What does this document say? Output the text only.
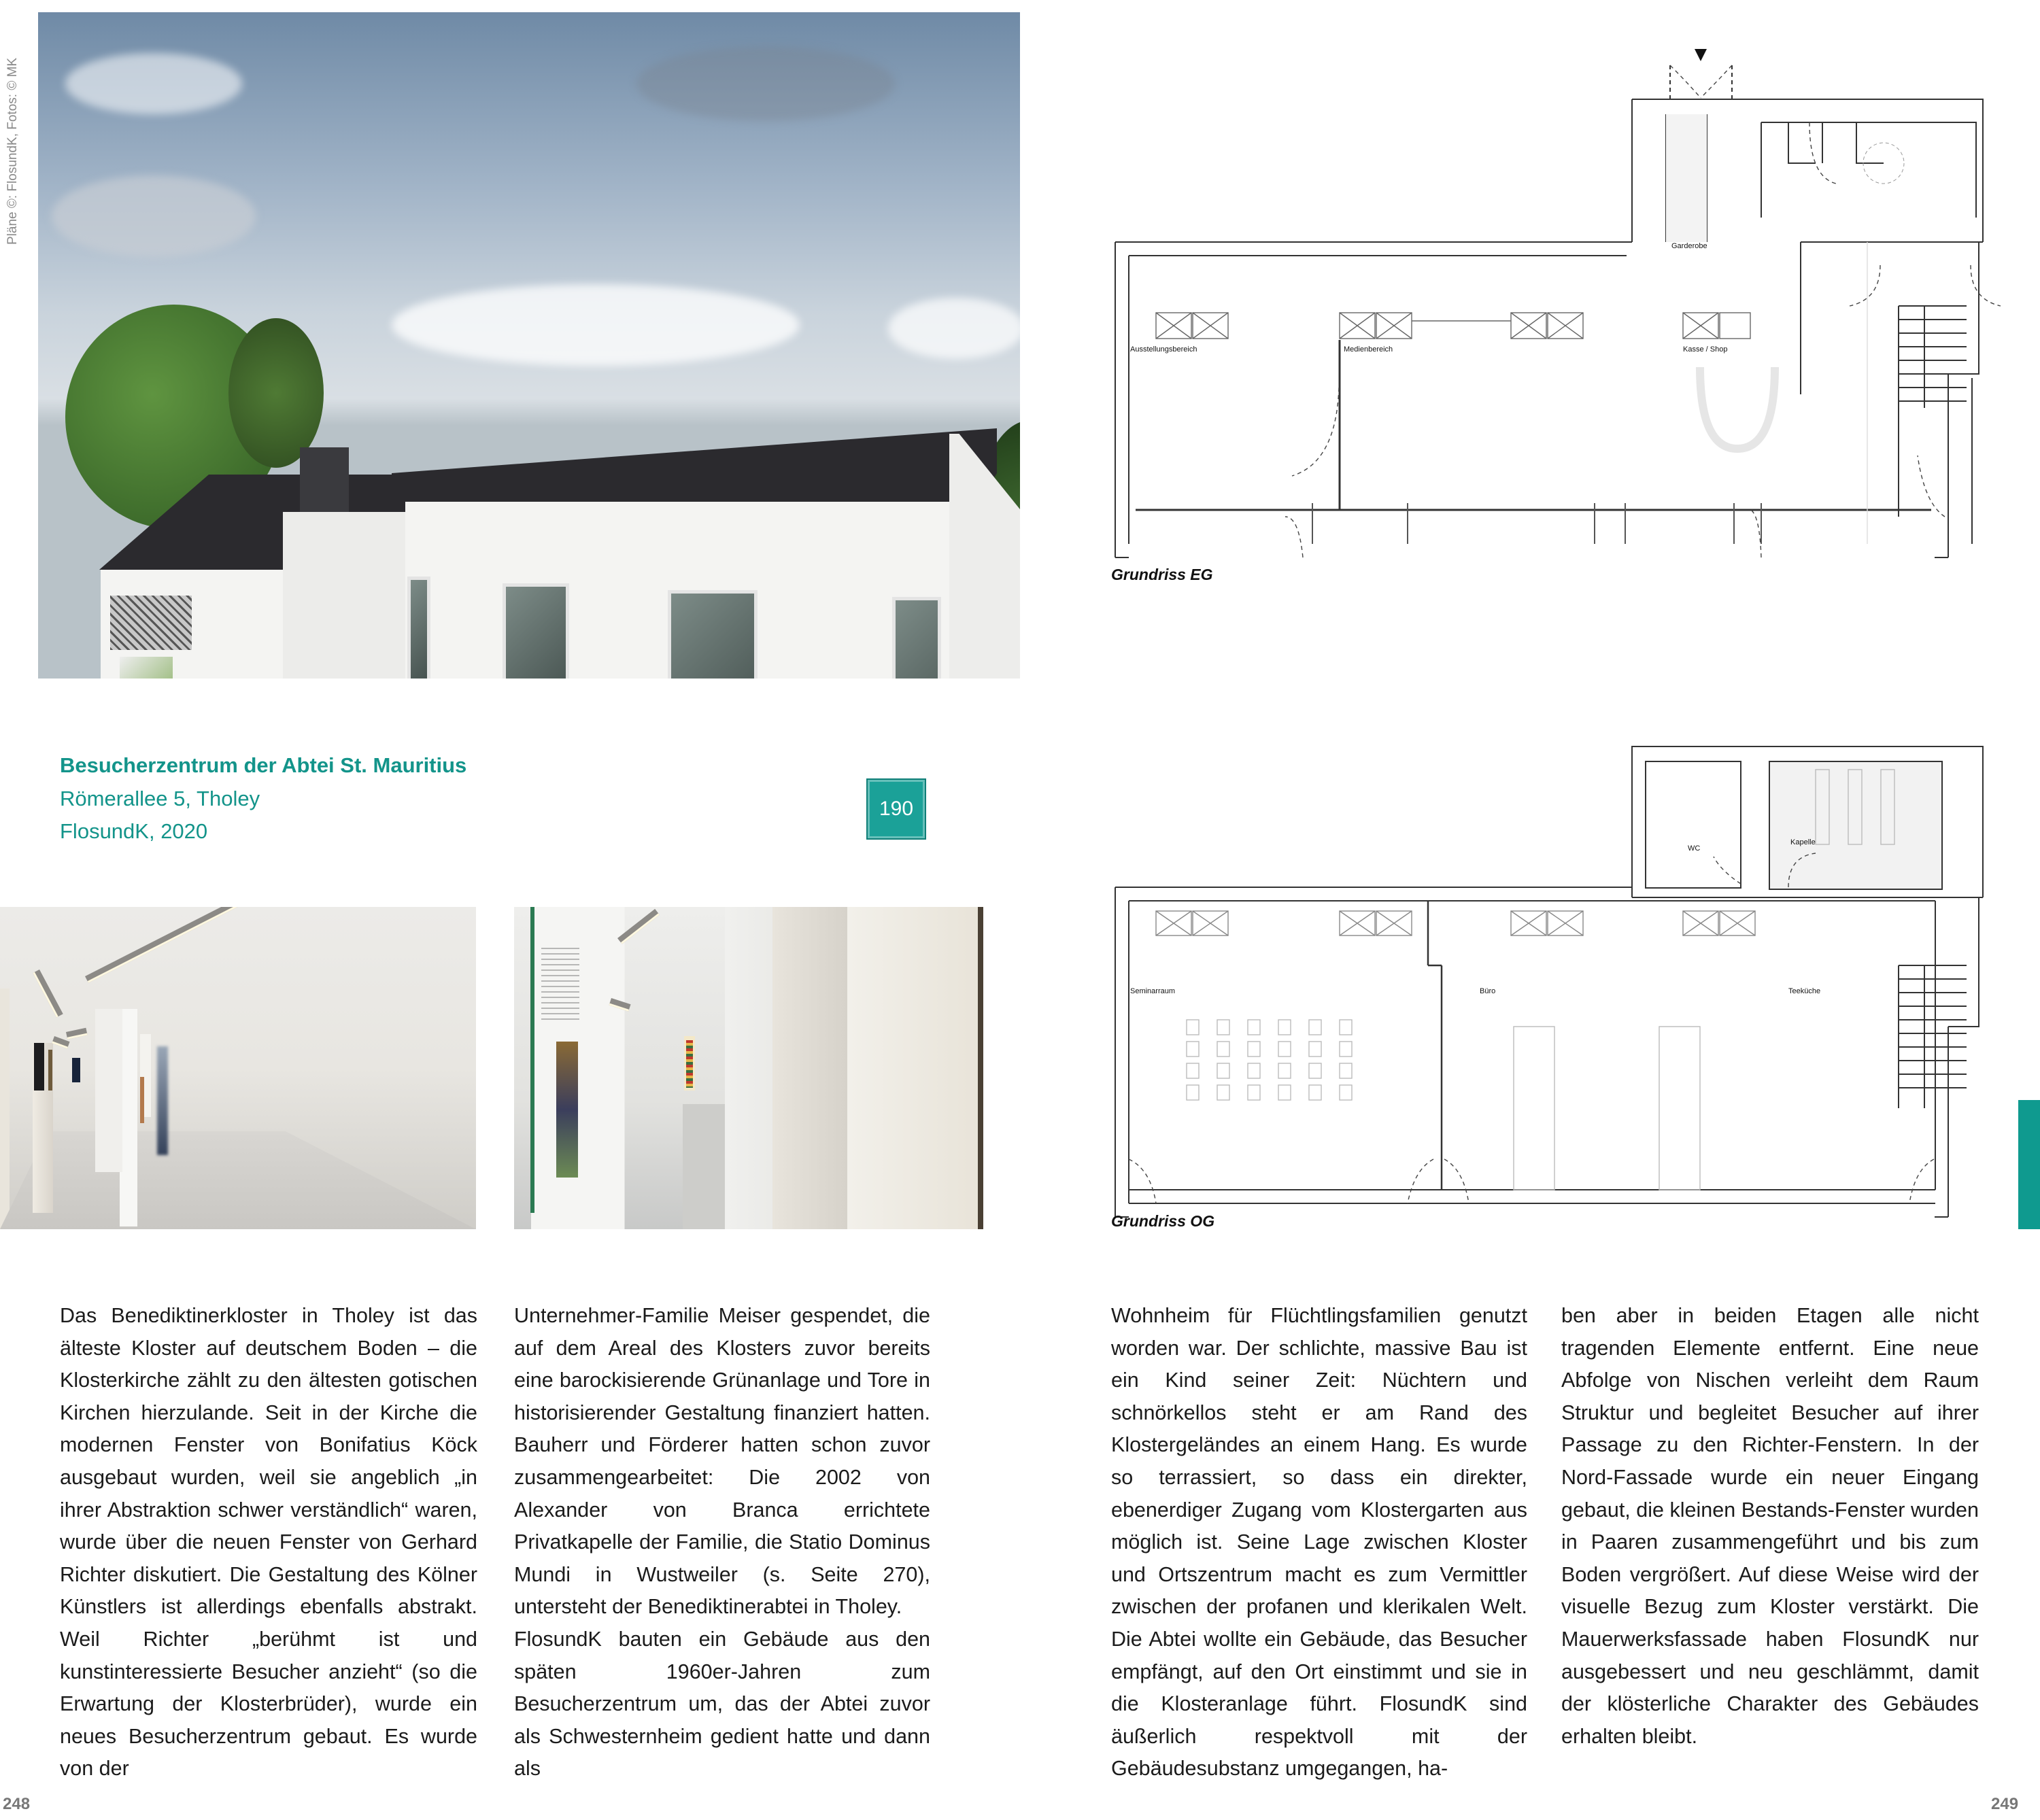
Pläne ©: FlosundK, Fotos: © MK
Besucherzentrum der Abtei St. Mauritius
Römerallee 5, Tholey
FlosundK, 2020
190
Ausstellungsbereich	Medienbereich	Kasse / Shop
Garderobe
Grundriss EG
Seminarraum	Büro	Teeküche
WC
Kapelle
Grundriss OG

Das Benediktinerkloster in Tholey ist das älteste Kloster auf deutschem Boden – die Klosterkirche zählt zu den ältesten gotischen Kirchen hierzulande. Seit in der Kirche die modernen Fenster von Bonifatius Köck ausgebaut wurden, weil sie angeblich „in ihrer Abstraktion schwer verständlich“ waren, wurde über die neuen Fenster von Gerhard Richter diskutiert. Die Gestaltung des Kölner Künstlers ist allerdings ebenfalls abstrakt. Weil Richter „berühmt ist und kunstinteressierte Besucher anzieht“ (so die Erwartung der Klosterbrüder), wurde ein neues Besucherzentrum gebaut. Es wurde von der

Unternehmer-Familie Meiser gespendet, die auf dem Areal des Klosters zuvor bereits eine barockisierende Grünanlage und Tore in historisierender Gestaltung finanziert hatten. Bauherr und Förderer hatten schon zuvor zusammengearbeitet: Die 2002 von Alexander von Branca errichtete Privatkapelle der Familie, die Statio Dominus Mundi in Wustweiler (s. Seite 270), untersteht der Benediktinerabtei in Tholey.

FlosundK bauten ein Gebäude aus den späten 1960er-Jahren zum Besucherzentrum um, das der Abtei zuvor als Schwesternheim gedient hatte und dann als

Wohnheim für Flüchtlingsfamilien genutzt worden war. Der schlichte, massive Bau ist ein Kind seiner Zeit: Nüchtern und schnörkellos steht er am Rand des Klostergeländes an einem Hang. Es wurde so terrassiert, so dass ein direkter, ebenerdiger Zugang vom Klostergarten aus möglich ist. Seine Lage zwischen Kloster und Ortszentrum macht es zum Vermittler zwischen der profanen und klerikalen Welt. Die Abtei wollte ein Gebäude, das Besucher empfängt, auf den Ort einstimmt und sie in die Klosteranlage führt. FlosundK sind äußerlich respektvoll mit der Gebäudesubstanz umgegangen, ha-

ben aber in beiden Etagen alle nicht tragenden Elemente entfernt. Eine neue Abfolge von Nischen verleiht dem Raum Struktur und begleitet Besucher auf ihrer Passage zu den Richter-Fenstern. In der Nord-Fassade wurde ein neuer Eingang gebaut, die kleinen Bestands-Fenster wurden in Paaren zusammengeführt und bis zum Boden vergrößert. Auf diese Weise wird der visuelle Bezug zum Kloster verstärkt. Die Mauerwerksfassade haben FlosundK nur ausgebessert und neu geschlämmt, damit der klösterliche Charakter des Gebäudes erhalten bleibt.

248	249
